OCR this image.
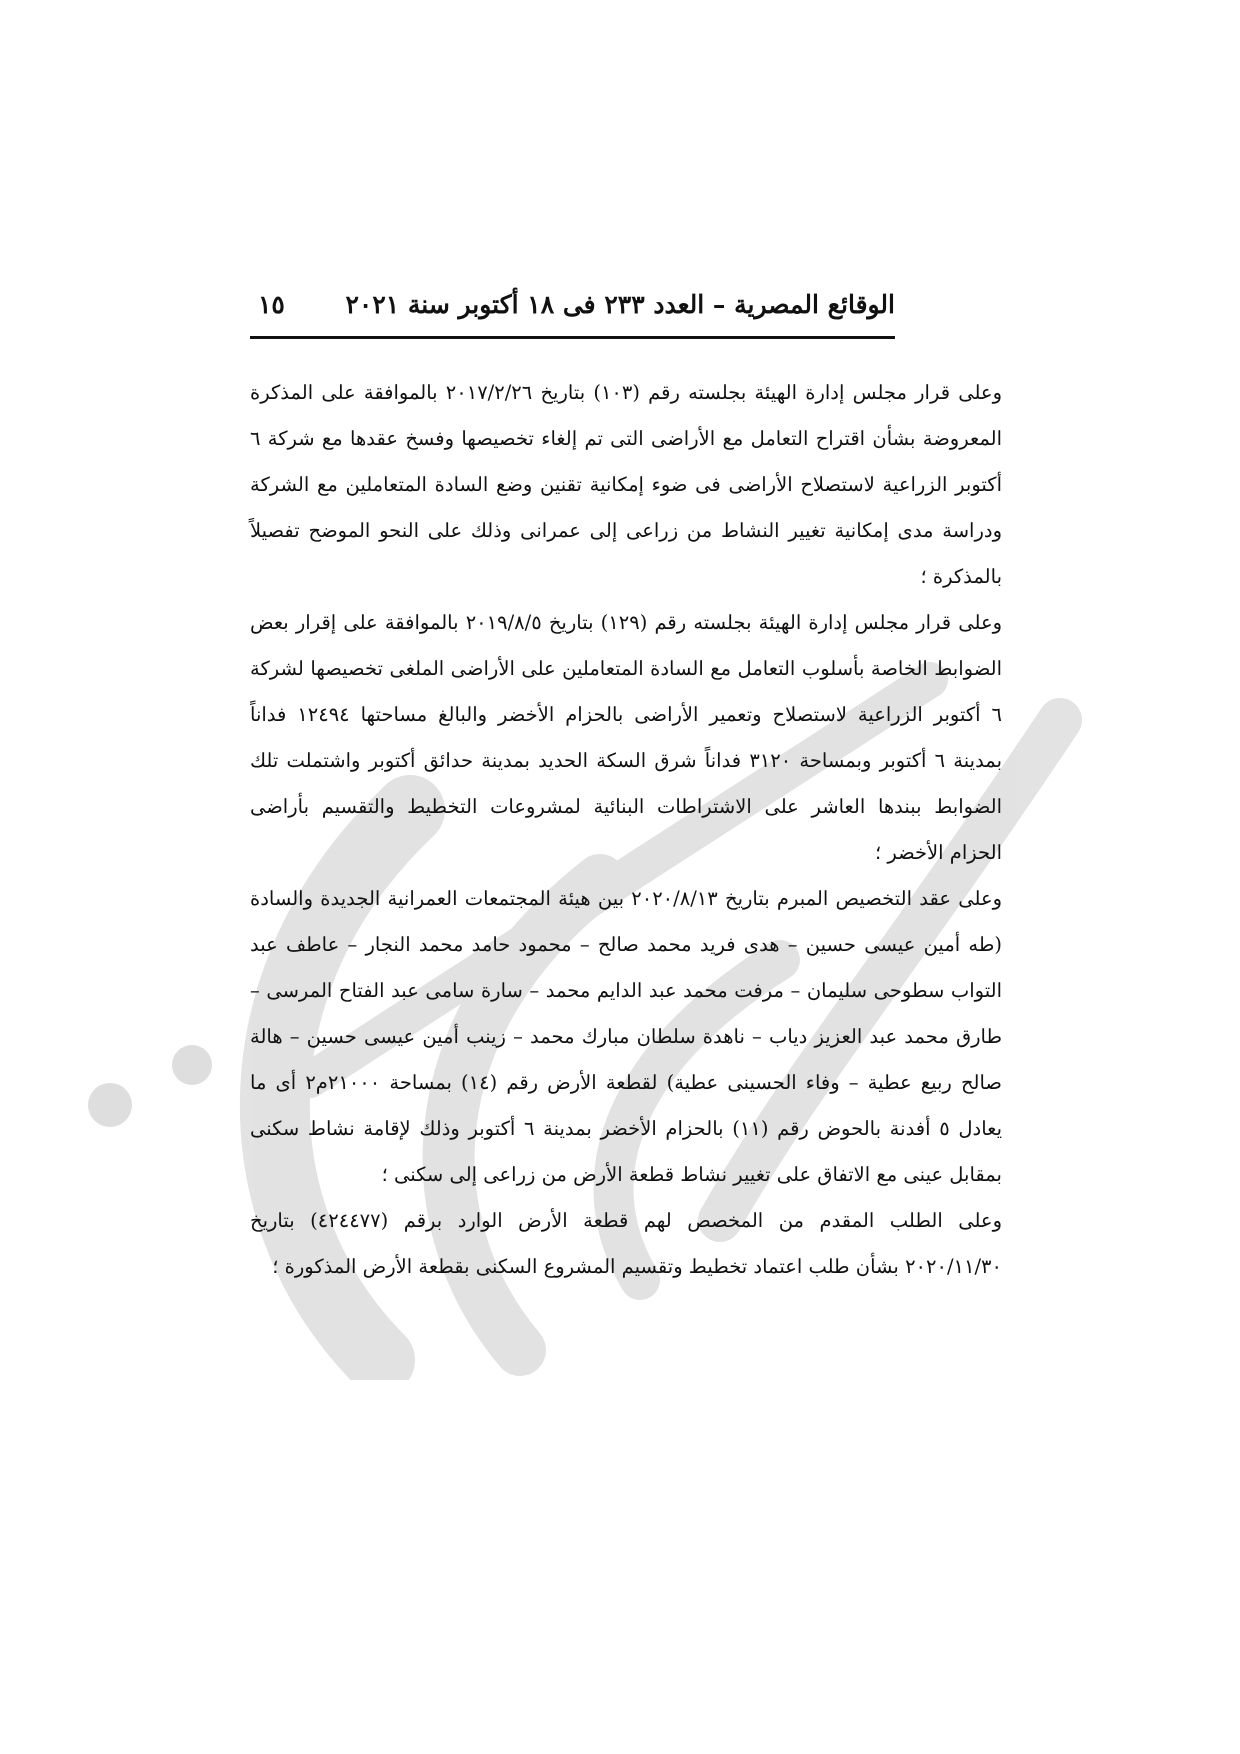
الوقائع المصرية – العدد ٢٣٣ فى ١٨ أكتوبر سنة ٢٠٢١
١٥

وعلى قرار مجلس إدارة الهيئة بجلسته رقم (١٠٣) بتاريخ ٢٠١٧/٢/٢٦ بالموافقة على المذكرة المعروضة بشأن اقتراح التعامل مع الأراضى التى تم إلغاء تخصيصها وفسخ عقدها مع شركة ٦ أكتوبر الزراعية لاستصلاح الأراضى فى ضوء إمكانية تقنين وضع السادة المتعاملين مع الشركة ودراسة مدى إمكانية تغيير النشاط من زراعى إلى عمرانى وذلك على النحو الموضح تفصيلاً بالمذكرة ؛

وعلى قرار مجلس إدارة الهيئة بجلسته رقم (١٢٩) بتاريخ ٢٠١٩/٨/٥ بالموافقة على إقرار بعض الضوابط الخاصة بأسلوب التعامل مع السادة المتعاملين على الأراضى الملغى تخصيصها لشركة ٦ أكتوبر الزراعية لاستصلاح وتعمير الأراضى بالحزام الأخضر والبالغ مساحتها ١٢٤٩٤ فداناً بمدينة ٦ أكتوبر وبمساحة ٣١٢٠ فداناً شرق السكة الحديد بمدينة حدائق أكتوبر واشتملت تلك الضوابط ببندها العاشر على الاشتراطات البنائية لمشروعات التخطيط والتقسيم بأراضى الحزام الأخضر ؛

وعلى عقد التخصيص المبرم بتاريخ ٢٠٢٠/٨/١٣ بين هيئة المجتمعات العمرانية الجديدة والسادة (طه أمين عيسى حسين – هدى فريد محمد صالح – محمود حامد محمد النجار – عاطف عبد التواب سطوحى سليمان – مرفت محمد عبد الدايم محمد – سارة سامى عبد الفتاح المرسى – طارق محمد عبد العزيز دياب – ناهدة سلطان مبارك محمد – زينب أمين عيسى حسين – هالة صالح ربيع عطية – وفاء الحسينى عطية) لقطعة الأرض رقم (١٤) بمساحة ٢١٠٠٠م٢ أى ما يعادل ٥ أفدنة بالحوض رقم (١١) بالحزام الأخضر بمدينة ٦ أكتوبر وذلك لإقامة نشاط سكنى بمقابل عينى مع الاتفاق على تغيير نشاط قطعة الأرض من زراعى إلى سكنى ؛

وعلى الطلب المقدم من المخصص لهم قطعة الأرض الوارد برقم (٤٢٤٤٧٧) بتاريخ ٢٠٢٠/١١/٣٠ بشأن طلب اعتماد تخطيط وتقسيم المشروع السكنى بقطعة الأرض المذكورة ؛
